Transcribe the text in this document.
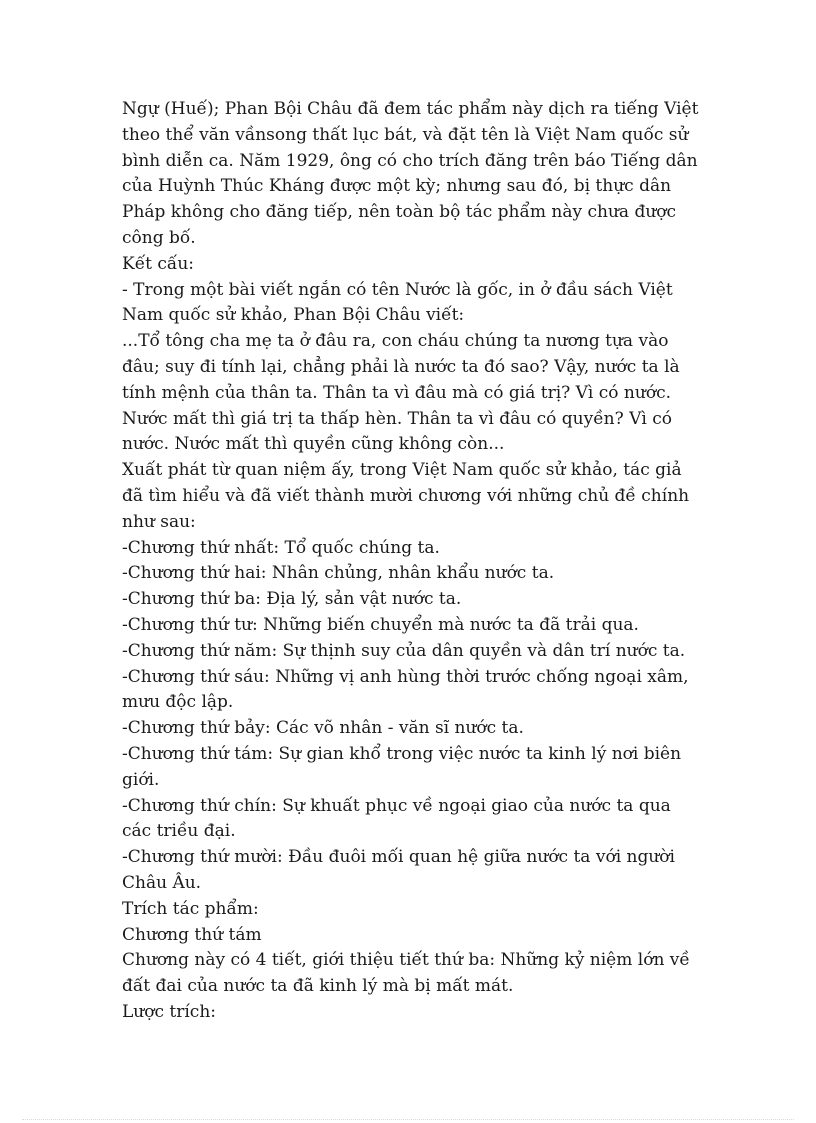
Ngự (Huế); Phan Bội Châu đã đem tác phẩm này dịch ra tiếng Việt
theo thể văn vầnsong thất lục bát, và đặt tên là Việt Nam quốc sử
bình diễn ca. Năm 1929, ông có cho trích đăng trên báo Tiếng dân
của Huỳnh Thúc Kháng được một kỳ; nhưng sau đó, bị thực dân
Pháp không cho đăng tiếp, nên toàn bộ tác phẩm này chưa được
công bố.
Kết cấu:
- Trong một bài viết ngắn có tên Nước là gốc, in ở đầu sách Việt
Nam quốc sử khảo, Phan Bội Châu viết:
...Tổ tông cha mẹ ta ở đâu ra, con cháu chúng ta nương tựa vào
đâu; suy đi tính lại, chẳng phải là nước ta đó sao? Vậy, nước ta là
tính mệnh của thân ta. Thân ta vì đâu mà có giá trị? Vì có nước.
Nước mất thì giá trị ta thấp hèn. Thân ta vì đâu có quyền? Vì có
nước. Nước mất thì quyền cũng không còn...
Xuất phát từ quan niệm ấy, trong Việt Nam quốc sử khảo, tác giả
đã tìm hiểu và đã viết thành mười chương với những chủ đề chính
như sau:
-Chương thứ nhất: Tổ quốc chúng ta.
-Chương thứ hai: Nhân chủng, nhân khẩu nước ta.
-Chương thứ ba: Địa lý, sản vật nước ta.
-Chương thứ tư: Những biến chuyển mà nước ta đã trải qua.
-Chương thứ năm: Sự thịnh suy của dân quyền và dân trí nước ta.
-Chương thứ sáu: Những vị anh hùng thời trước chống ngoại xâm,
mưu độc lập.
-Chương thứ bảy: Các võ nhân - văn sĩ nước ta.
-Chương thứ tám: Sự gian khổ trong việc nước ta kinh lý nơi biên
giới.
-Chương thứ chín: Sự khuất phục về ngoại giao của nước ta qua
các triều đại.
-Chương thứ mười: Đầu đuôi mối quan hệ giữa nước ta với người
Châu Âu.
Trích tác phẩm:
Chương thứ tám
Chương này có 4 tiết, giới thiệu tiết thứ ba: Những kỷ niệm lớn về
đất đai của nước ta đã kinh lý mà bị mất mát.
Lược trích:
